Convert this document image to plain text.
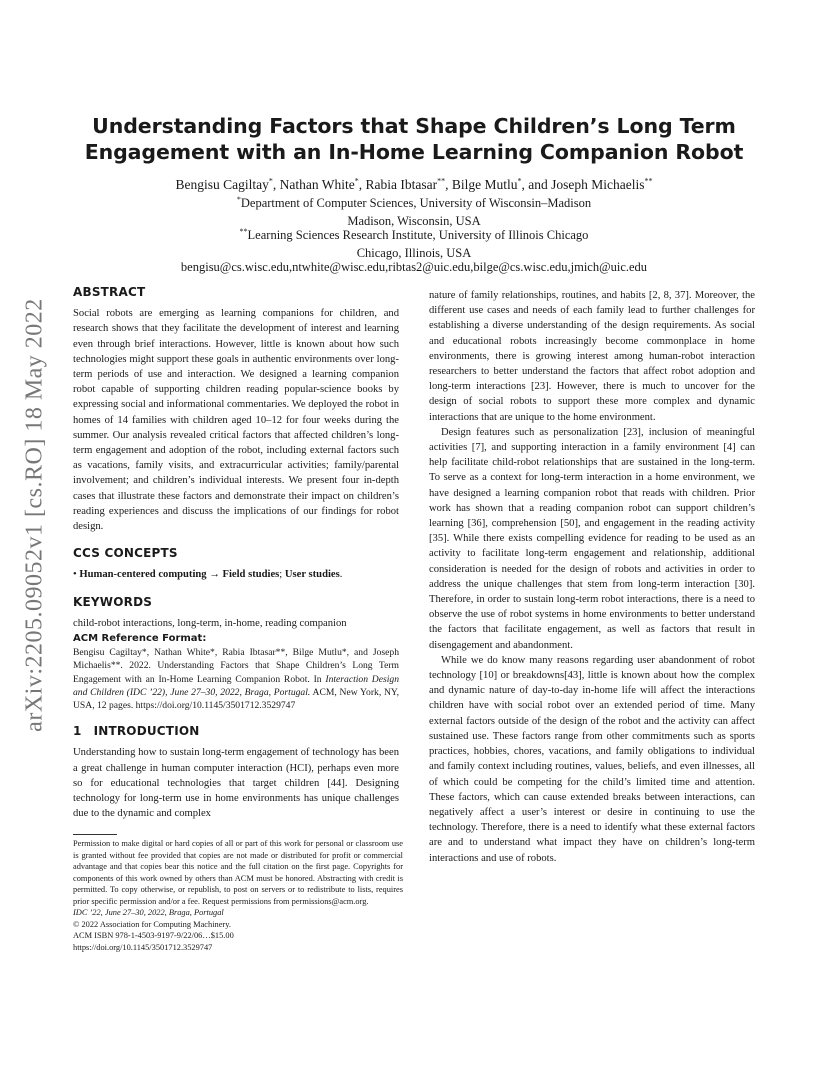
arXiv:2205.09052v1 [cs.RO] 18 May 2022
Understanding Factors that Shape Children’s Long Term
Engagement with an In-Home Learning Companion Robot
Bengisu Cagiltay*, Nathan White*, Rabia Ibtasar**, Bilge Mutlu*, and Joseph Michaelis**
*Department of Computer Sciences, University of Wisconsin–Madison
Madison, Wisconsin, USA
**Learning Sciences Research Institute, University of Illinois Chicago
Chicago, Illinois, USA
bengisu@cs.wisc.edu,ntwhite@wisc.edu,ribtas2@uic.edu,bilge@cs.wisc.edu,jmich@uic.edu
ABSTRACT

Social robots are emerging as learning companions for children, and research shows that they facilitate the development of interest and learning even through brief interactions. However, little is known about how such technologies might support these goals in authentic environments over long-term periods of use and interaction. We designed a learning companion robot capable of supporting children reading popular-science books by expressing social and informational commentaries. We deployed the robot in homes of 14 families with children aged 10–12 for four weeks during the summer. Our analysis revealed critical factors that affected children’s long-term engagement and adoption of the robot, including external factors such as vacations, family visits, and extracurricular activities; family/parental involvement; and children’s individual interests. We present four in-depth cases that illustrate these factors and demonstrate their impact on children’s reading experiences and discuss the implications of our findings for robot design.

CCS CONCEPTS

• Human-centered computing → Field studies; User studies.

KEYWORDS

child-robot interactions, long-term, in-home, reading companion

ACM Reference Format:

Bengisu Cagiltay*, Nathan White*, Rabia Ibtasar**, Bilge Mutlu*, and Joseph Michaelis**. 2022. Understanding Factors that Shape Children’s Long Term Engagement with an In-Home Learning Companion Robot. In Interaction Design and Children (IDC ’22), June 27–30, 2022, Braga, Portugal. ACM, New York, NY, USA, 12 pages. https://doi.org/10.1145/3501712.3529747

1 INTRODUCTION

Understanding how to sustain long-term engagement of technology has been a great challenge in human computer interaction (HCI), perhaps even more so for educational technologies that target children [44]. Designing technology for long-term use in home environments has unique challenges due to the dynamic and complex

Permission to make digital or hard copies of all or part of this work for personal or classroom use is granted without fee provided that copies are not made or distributed for profit or commercial advantage and that copies bear this notice and the full citation on the first page. Copyrights for components of this work owned by others than ACM must be honored. Abstracting with credit is permitted. To copy otherwise, or republish, to post on servers or to redistribute to lists, requires prior specific permission and/or a fee. Request permissions from permissions@acm.org.

IDC ’22, June 27–30, 2022, Braga, Portugal

© 2022 Association for Computing Machinery.

ACM ISBN 978-1-4503-9197-9/22/06…$15.00

https://doi.org/10.1145/3501712.3529747

nature of family relationships, routines, and habits [2, 8, 37]. Moreover, the different use cases and needs of each family lead to further challenges for establishing a diverse understanding of the design requirements. As social and educational robots increasingly become commonplace in home environments, there is growing interest among human-robot interaction researchers to better understand the factors that affect robot adoption and long-term interactions [23]. However, there is much to uncover for the design of social robots to support these more complex and dynamic interactions that are unique to the home environment.

Design features such as personalization [23], inclusion of meaningful activities [7], and supporting interaction in a family environment [4] can help facilitate child-robot relationships that are sustained in the long-term. To serve as a context for long-term interaction in a home environment, we have designed a learning companion robot that reads with children. Prior work has shown that a reading companion robot can support children’s learning [36], comprehension [50], and engagement in the reading activity [35]. While there exists compelling evidence for reading to be used as an activity to facilitate long-term engagement and relationship, additional consideration is needed for the design of robots and activities in order to address the unique challenges that stem from long-term interaction [30]. Therefore, in order to sustain long-term robot interactions, there is a need to observe the use of robot systems in home environments to better understand the factors that facilitate engagement, as well as factors that result in disengagement and abandonment.

While we do know many reasons regarding user abandonment of robot technology [10] or breakdowns[43], little is known about how the complex and dynamic nature of day-to-day in-home life will affect the interactions children have with social robot over an extended period of time. Many external factors outside of the design of the robot and the activity can affect sustained use. These factors range from other commitments such as sports practices, hobbies, chores, vacations, and family obligations to individual and family context including routines, values, beliefs, and even illnesses, all of which could be competing for the child’s limited time and attention. These factors, which can cause extended breaks between interactions, can negatively affect a user’s interest or desire in continuing to use the technology. Therefore, there is a need to identify what these external factors are and to understand what impact they have on children’s long-term interactions and use of robots.
